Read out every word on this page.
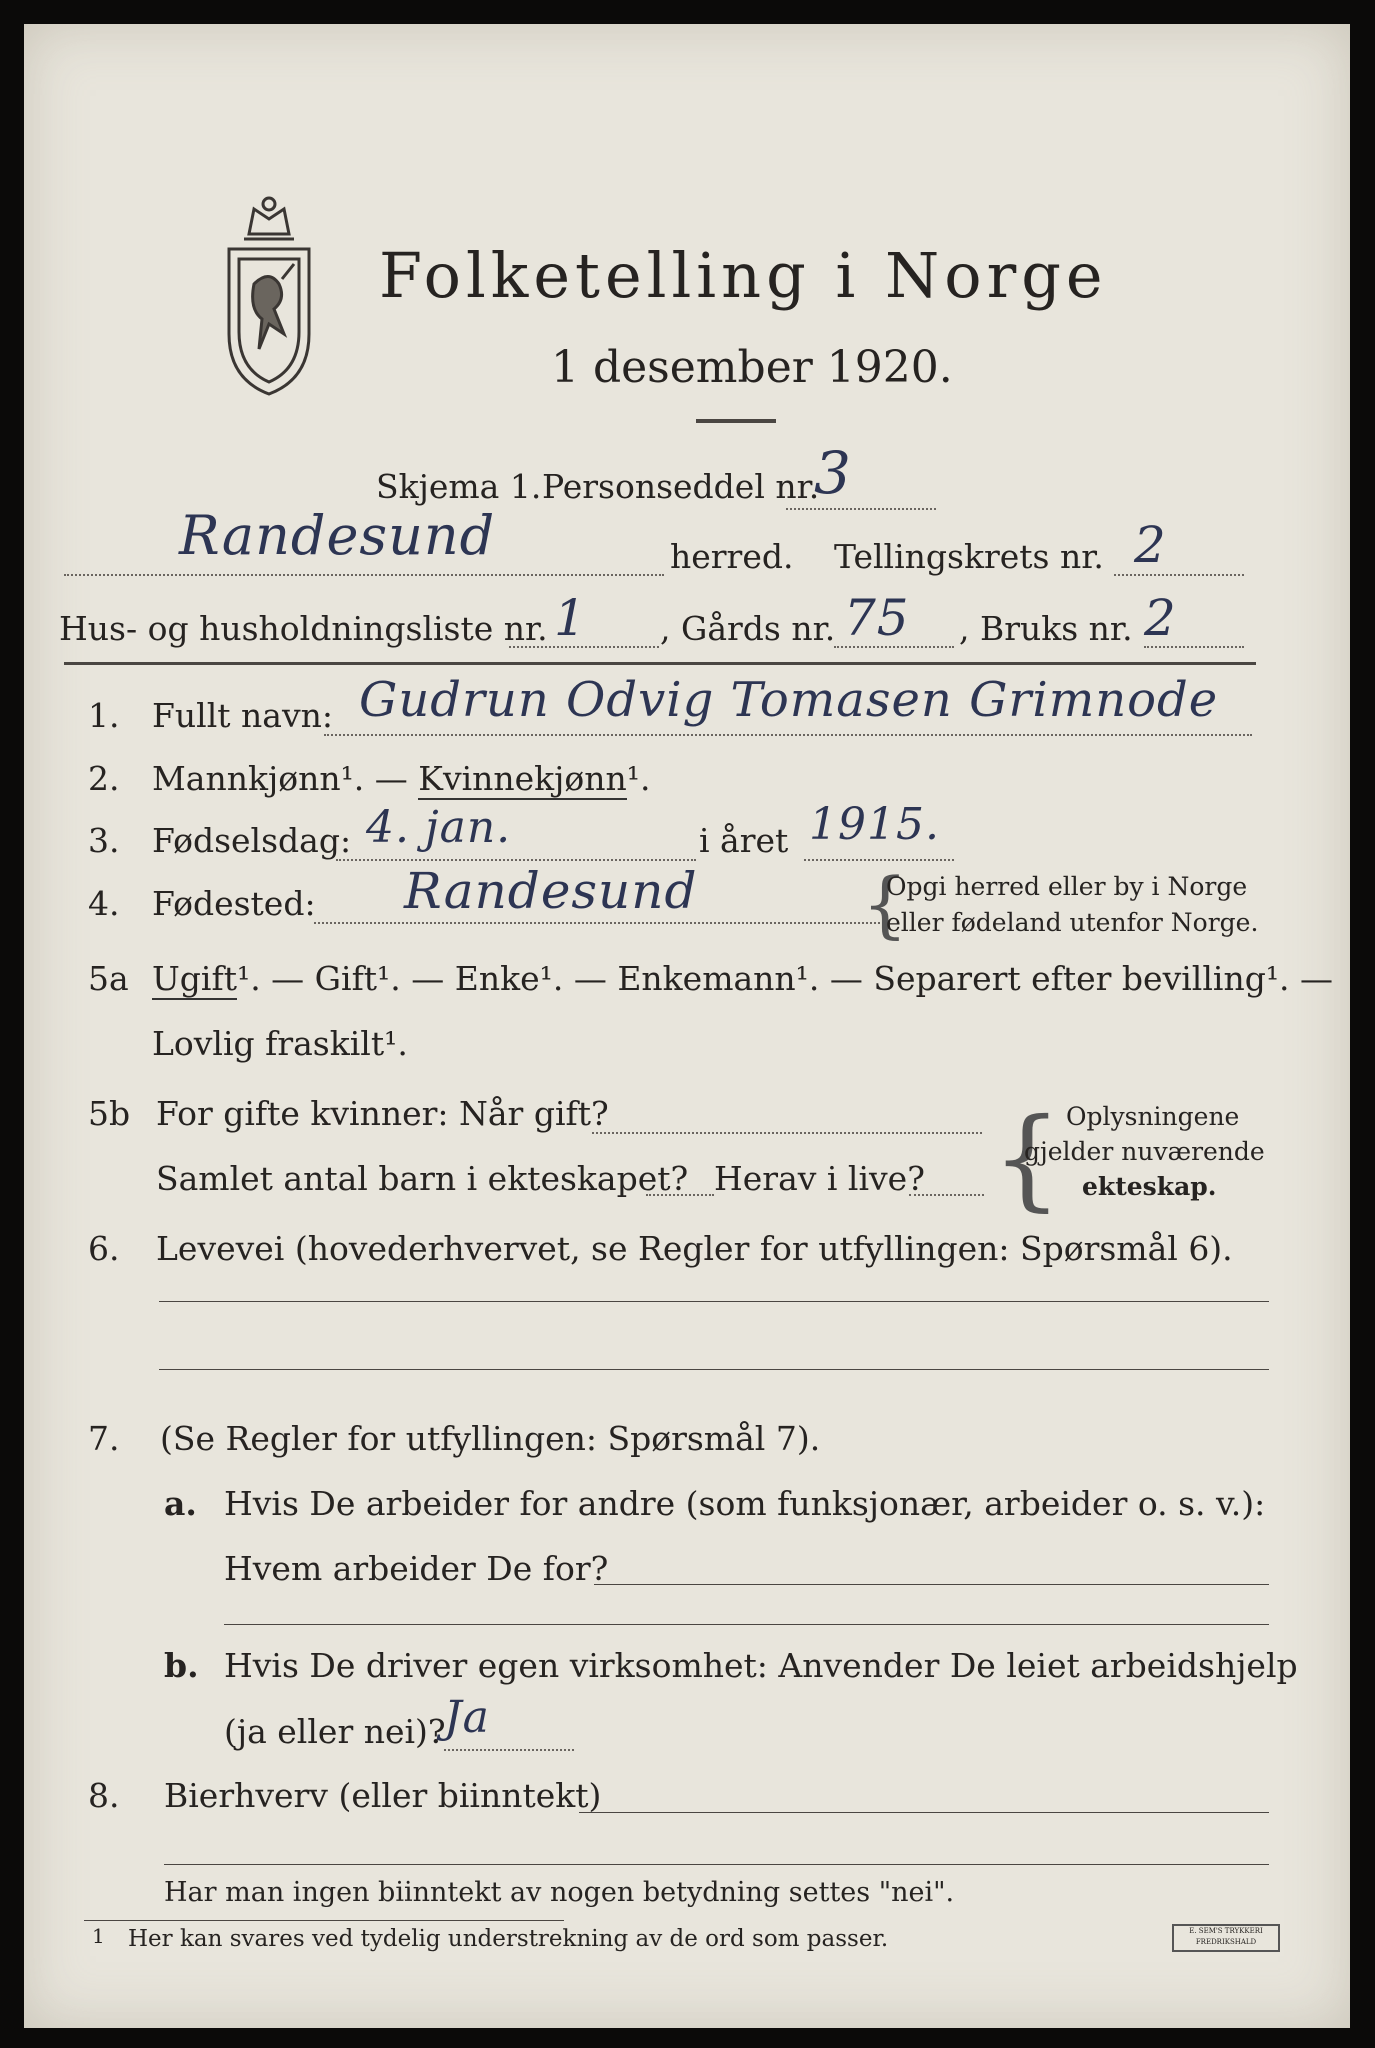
Folketelling i Norge
1 desember 1920.
Skjema 1. Personseddel nr.
3
Randesund	herred. Tellingskrets nr. 2
Hus- og husholdningsliste nr. 1 , Gårds nr. 75 , Bruks nr. 2
1. Fullt navn: Gudrun Odvig Tomasen Grimnode
2. Mannkjønn¹. — Kvinnekjønn¹.
3. Fødselsdag: 4. jan.	i året 1915.
4. Fødested: Randesund {
Opgi herred eller by i Norge
eller fødeland utenfor Norge.
5a Ugift¹. — Gift¹. — Enke¹. — Enkemann¹. — Separert efter bevilling¹. —
Lovlig fraskilt¹.
5b For gifte kvinner: Når gift?
Samlet antal barn i ekteskapet? Herav i live? { Oplysningene
gjelder nuværende
ekteskap.
6. Levevei (hovederhvervet, se Regler for utfyllingen: Spørsmål 6).
7. (Se Regler for utfyllingen: Spørsmål 7).
a. Hvis De arbeider for andre (som funksjonær, arbeider o. s. v.):
Hvem arbeider De for?
b. Hvis De driver egen virksomhet: Anvender De leiet arbeidshjelp
(ja eller nei)?
Ja
8. Bierhverv (eller biinntekt)
Har man ingen biinntekt av nogen betydning settes "nei".
1 Her kan svares ved tydelig understrekning av de ord som passer.	E. SEM'S TRYKKERI FREDRIKSHALD
